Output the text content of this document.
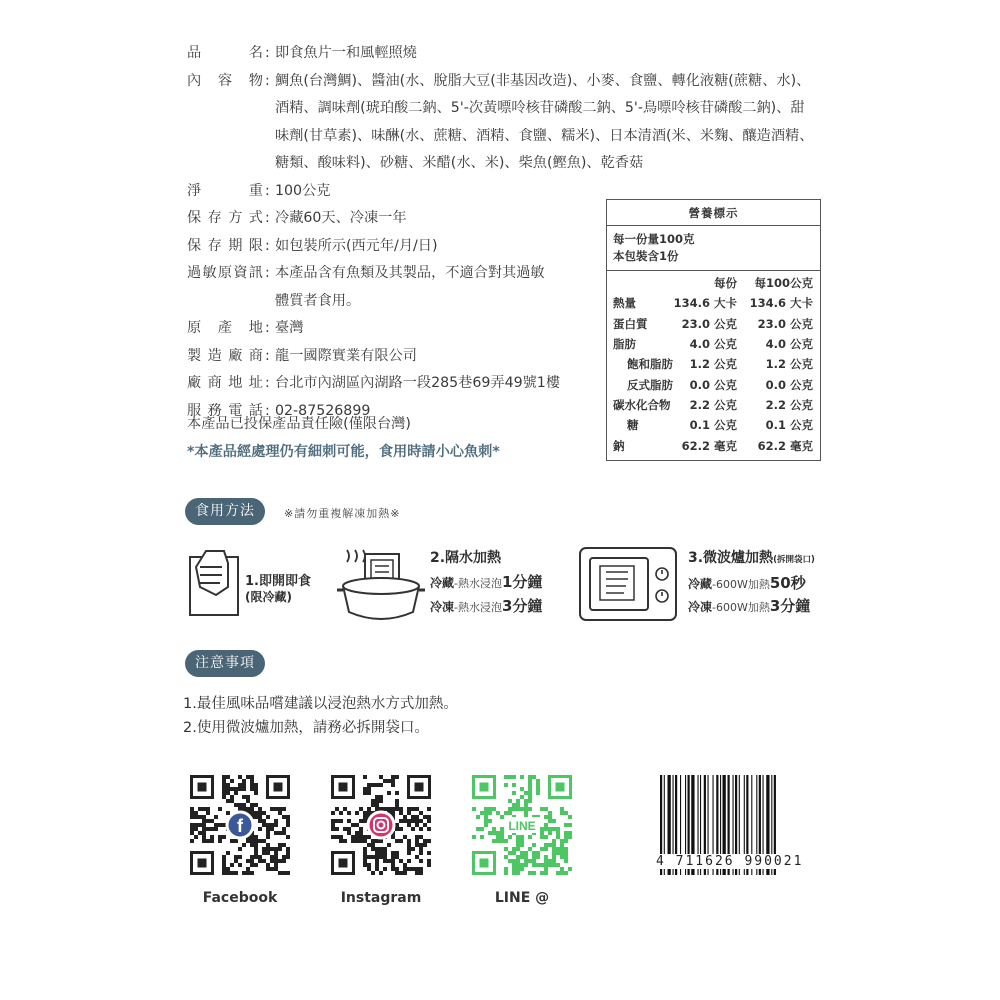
品	名 : 即食魚片一和風輕照燒
內 容 物 : 鯛魚(台灣鯛)、醬油(水、脫脂大豆(非基因改造)、小麥、食鹽、轉化液糖(蔗糖、水)、
酒精、調味劑(琥珀酸二鈉、5'-次黃嘌呤核苷磷酸二鈉、5'-鳥嘌呤核苷磷酸二鈉)、甜
味劑(甘草素)、味醂(水、蔗糖、酒精、食鹽、糯米)、日本清酒(米、米麴、釀造酒精、
糖類、酸味料)、砂糖、米醋(水、米)、柴魚(鰹魚)、乾香菇
淨	重 : 100公克
保 存 方 式 : 冷藏60天、冷凍一年
保 存 期 限 : 如包裝所示(西元年/月/日)
過 敏 原 資 訊 : 本產品含有魚類及其製品，不適合對其過敏
體質者食用。
原 產 地 : 臺灣
製 造 廠 商 : 龍一國際實業有限公司
廠 商 地 址 : 台北市內湖區內湖路一段285巷69弄49號1樓
服 務 電 話 : 02-87526899
本產品已投保產品責任險(僅限台灣)
*本產品經處理仍有細刺可能，食用時請小心魚刺*
營養標示
每一份量100克
本包裝含1份
	每份	每100公克
熱量	134.6 大卡	134.6 大卡
蛋白質	23.0 公克	23.0 公克
脂肪	4.0 公克	4.0 公克
飽和脂肪	1.2 公克	1.2 公克
反式脂肪	0.0 公克	0.0 公克
碳水化合物	2.2 公克	2.2 公克
糖	0.1 公克	0.1 公克
鈉	62.2 毫克	62.2 毫克
食用方法	※請勿重複解凍加熱※
1.即開即食
(限冷藏)
2.隔水加熱
冷藏-熱水浸泡1分鐘
冷凍-熱水浸泡3分鐘
3.微波爐加熱(拆開袋口)
冷藏-600W加熱50秒
冷凍-600W加熱3分鐘
注意事項
1.最佳風味品嚐建議以浸泡熱水方式加熱。
2.使用微波爐加熱，請務必拆開袋口。
f	LINE
Facebook	Instagram	LINE @
4 711626 990021
